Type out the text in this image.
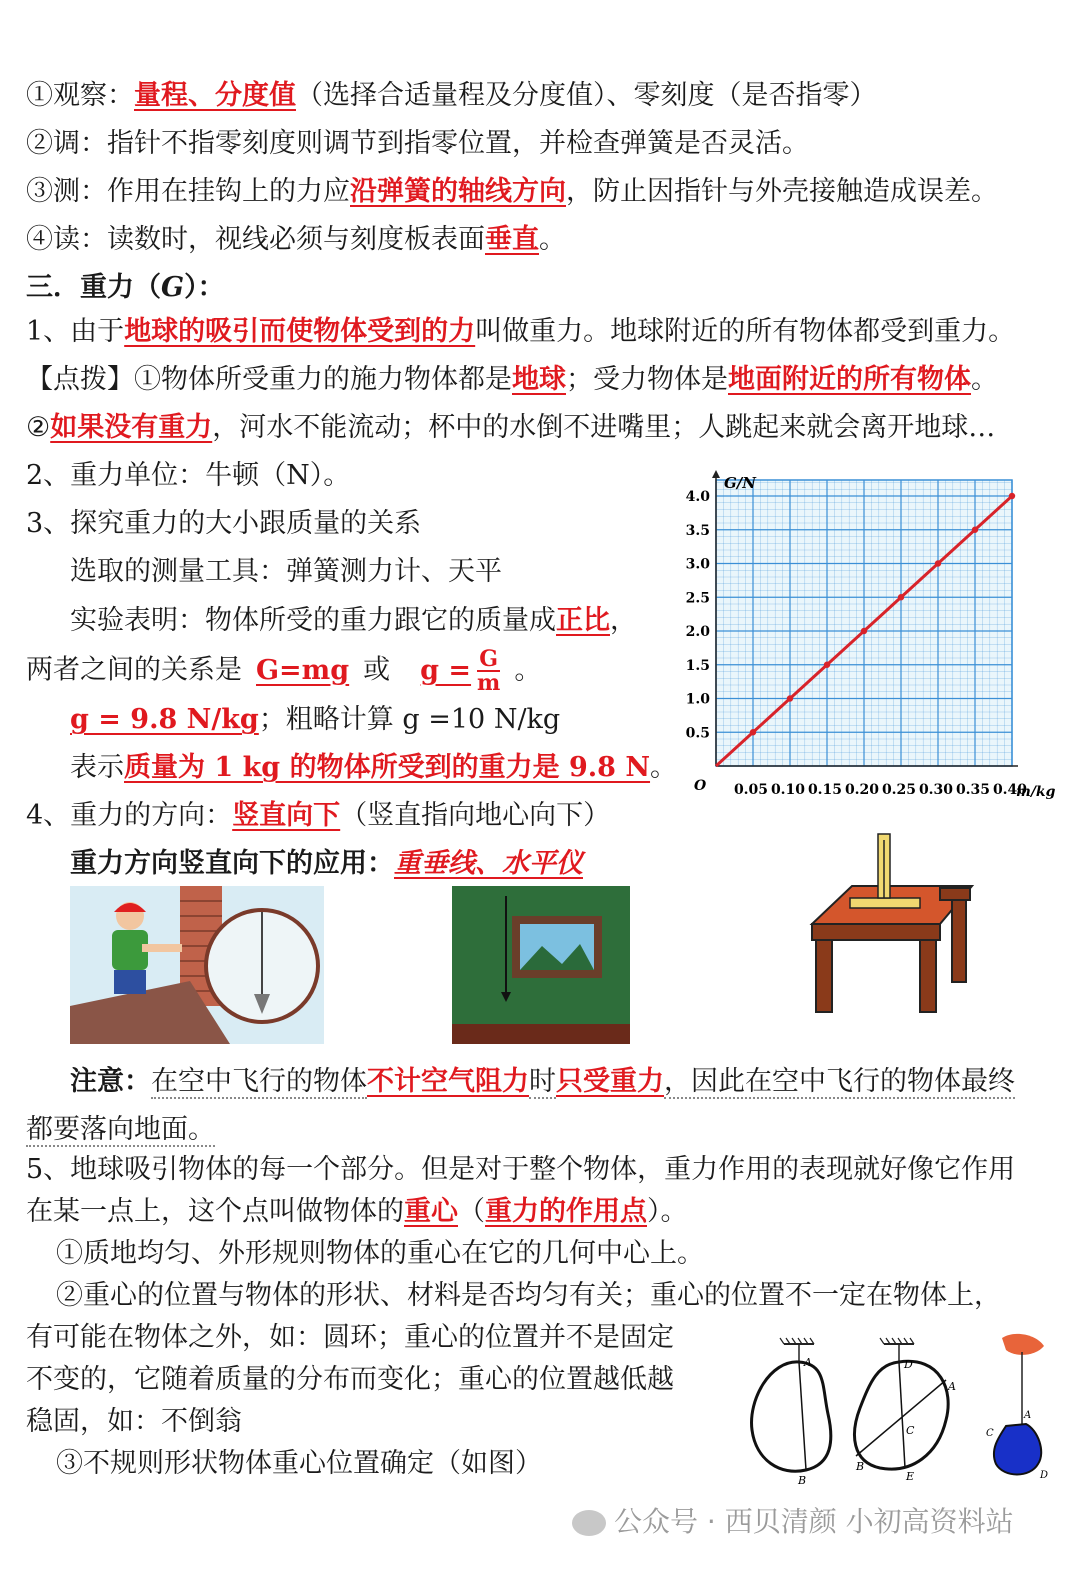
①观察：量程、分度值（选择合适量程及分度值）、零刻度（是否指零）
②调：指针不指零刻度则调节到指零位置，并检查弹簧是否灵活。
③测：作用在挂钩上的力应沿弹簧的轴线方向，防止因指针与外壳接触造成误差。
④读：读数时，视线必须与刻度板表面垂直。
三．重力（G）：
1、由于地球的吸引而使物体受到的力叫做重力。地球附近的所有物体都受到重力。
【点拨】①物体所受重力的施力物体都是地球；受力物体是地面附近的所有物体。
②如果没有重力，河水不能流动；杯中的水倒不进嘴里；人跳起来就会离开地球…
2、重力单位：牛顿（N）。
3、探究重力的大小跟质量的关系
选取的测量工具：弹簧测力计、天平
实验表明：物体所受的重力跟它的质量成正比，
两者之间的关系是 G=mg 或 $g = \frac{G}{m}$ 。
g = 9.8 N/kg；粗略计算 g =10 N/kg
表示质量为 1 kg 的物体所受到的重力是 9.8 N。
4、重力的方向：竖直向下（竖直指向地心向下）
重力方向竖直向下的应用：重垂线、水平仪
注意：在空中飞行的物体不计空气阻力时只受重力，因此在空中飞行的物体最终
都要落向地面。
5、地球吸引物体的每一个部分。但是对于整个物体，重力作用的表现就好像它作用
在某一点上，这个点叫做物体的重心（重力的作用点）。
①质地均匀、外形规则物体的重心在它的几何中心上。
②重心的位置与物体的形状、材料是否均匀有关；重心的位置不一定在物体上，
有可能在物体之外，如：圆环；重心的位置并不是固定
不变的，它随着质量的分布而变化；重心的位置越低越
稳固，如：不倒翁
③不规则形状物体重心位置确定（如图）
0.05 0.10 0.15 0.20 0.25 0.30 0.35 0.40
0.5
1.0
1.5
2.0
2.5
3.0
3.5
4.0
G/N
m/kg
O
A
B
D
A
C
B
E
A
C
D
公众号 · 西贝清颜 小初高资料站
